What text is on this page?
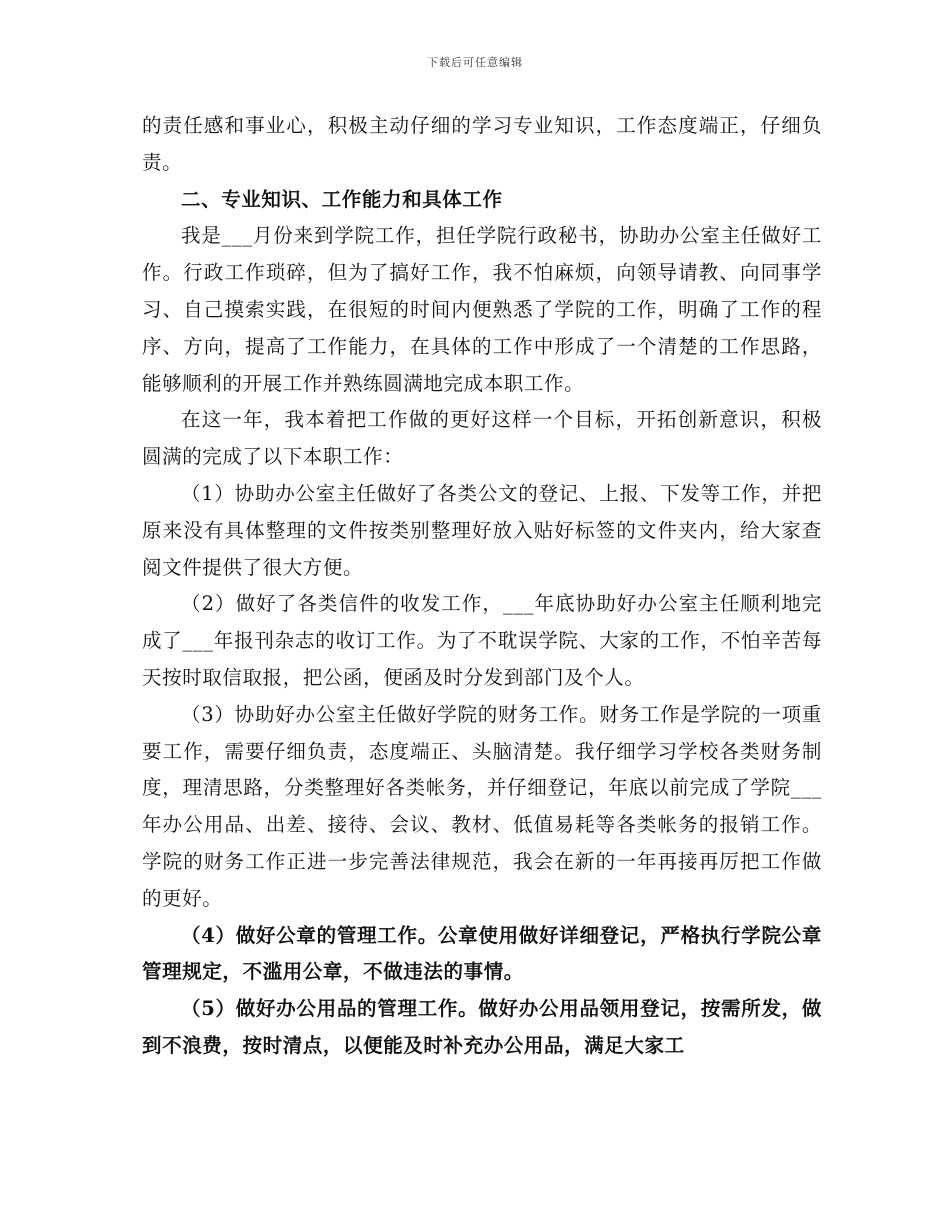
下载后可任意编辑

的责任感和事业心，积极主动仔细的学习专业知识，工作态度端正，仔细负责。

二、专业知识、工作能力和具体工作

我是___月份来到学院工作，担任学院行政秘书，协助办公室主任做好工作。行政工作琐碎，但为了搞好工作，我不怕麻烦，向领导请教、向同事学习、自己摸索实践，在很短的时间内便熟悉了学院的工作，明确了工作的程序、方向，提高了工作能力，在具体的工作中形成了一个清楚的工作思路，能够顺利的开展工作并熟练圆满地完成本职工作。

在这一年，我本着把工作做的更好这样一个目标，开拓创新意识，积极圆满的完成了以下本职工作：

（1）协助办公室主任做好了各类公文的登记、上报、下发等工作，并把原来没有具体整理的文件按类别整理好放入贴好标签的文件夹内，给大家查阅文件提供了很大方便。

（2）做好了各类信件的收发工作，___年底协助好办公室主任顺利地完成了___年报刊杂志的收订工作。为了不耽误学院、大家的工作，不怕辛苦每天按时取信取报，把公函，便函及时分发到部门及个人。

（3）协助好办公室主任做好学院的财务工作。财务工作是学院的一项重要工作，需要仔细负责，态度端正、头脑清楚。我仔细学习学校各类财务制度，理清思路，分类整理好各类帐务，并仔细登记，年底以前完成了学院___年办公用品、出差、接待、会议、教材、低值易耗等各类帐务的报销工作。学院的财务工作正进一步完善法律规范，我会在新的一年再接再厉把工作做的更好。

（4）做好公章的管理工作。公章使用做好详细登记，严格执行学院公章管理规定，不滥用公章，不做违法的事情。

（5）做好办公用品的管理工作。做好办公用品领用登记，按需所发，做到不浪费，按时清点，以便能及时补充办公用品，满足大家工
